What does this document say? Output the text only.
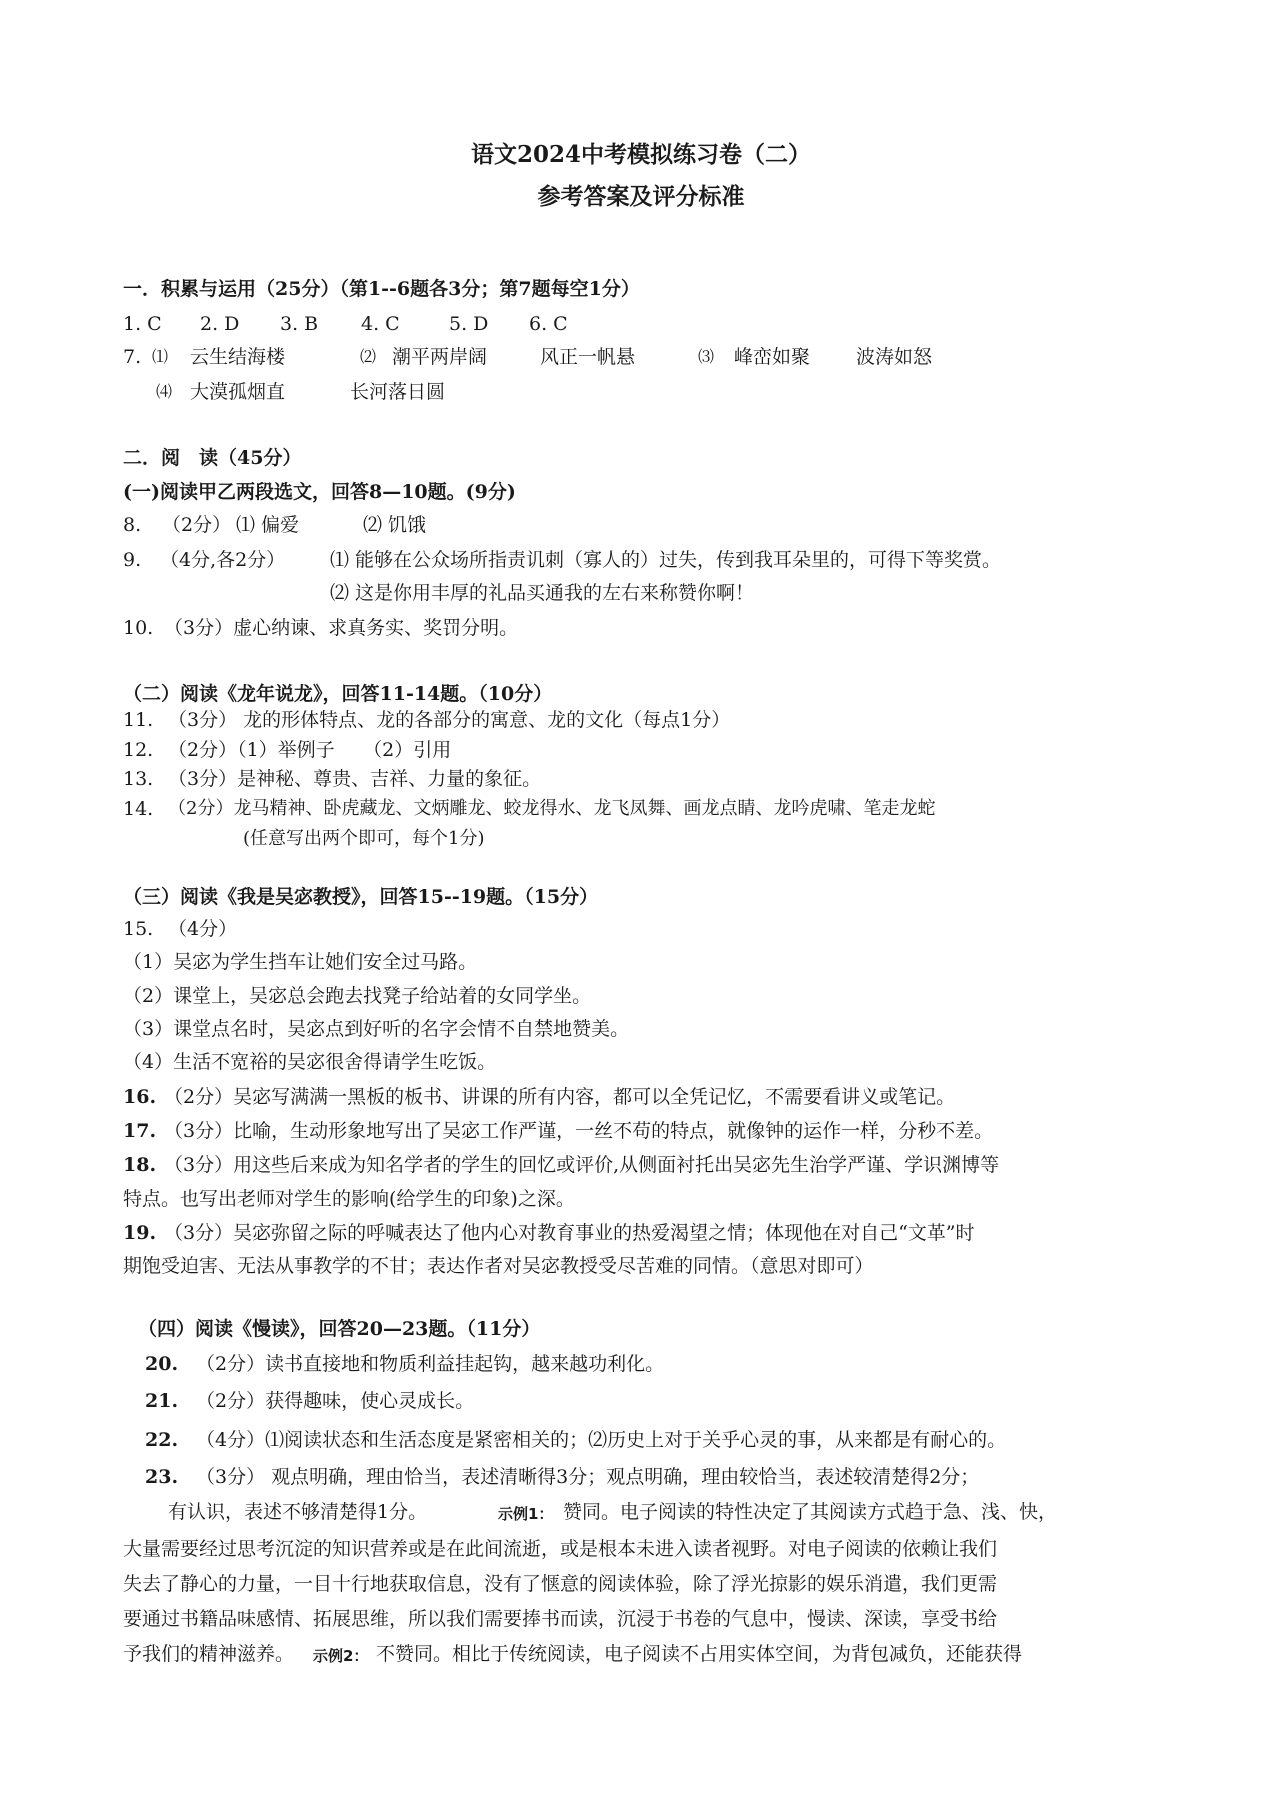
语文2024中考模拟练习卷（二）
参考答案及评分标准
一．积累与运用（25分）（第1--6题各3分；第7题每空1分）
1. C 2. D 3. B 4. C	5. D 6. C
7. ⑴ 云生结海楼	⑵ 潮平两岸阔	风正一帆悬	⑶ 峰峦如聚 波涛如怒
⑷ 大漠孤烟直	长河落日圆
二．阅　读（45分）
(一)阅读甲乙两段选文，回答8—10题。(9分)
8. （2分） ⑴ 偏爱	⑵ 饥饿
9. （4分,各2分） ⑴ 能够在公众场所指责讥刺（寡人的）过失，传到我耳朵里的，可得下等奖赏。
⑵ 这是你用丰厚的礼品买通我的左右来称赞你啊！
10. （3分）虚心纳谏、求真务实、奖罚分明。
（二）阅读《龙年说龙》，回答11-14题。（10分）
11. （3分） 龙的形体特点、龙的各部分的寓意、龙的文化（每点1分）
12. （2分）（1）举例子　　（2）引用
13. （3分）是神秘、尊贵、吉祥、力量的象征。
14. （2分）龙马精神、卧虎藏龙、文炳雕龙、蛟龙得水、龙飞凤舞、画龙点睛、龙吟虎啸、笔走龙蛇
(任意写出两个即可，每个1分)
（三）阅读《我是吴宓教授》，回答15--19题。（15分）
15. （4分）
（1）吴宓为学生挡车让她们安全过马路。
（2）课堂上，吴宓总会跑去找凳子给站着的女同学坐。
（3）课堂点名时，吴宓点到好听的名字会情不自禁地赞美。
（4）生活不宽裕的吴宓很舍得请学生吃饭。
16. （2分）吴宓写满满一黑板的板书、讲课的所有内容，都可以全凭记忆，不需要看讲义或笔记。
17. （3分）比喻，生动形象地写出了吴宓工作严谨，一丝不苟的特点，就像钟的运作一样，分秒不差。
18. （3分）用这些后来成为知名学者的学生的回忆或评价,从侧面衬托出吴宓先生治学严谨、学识渊博等
特点。也写出老师对学生的影响(给学生的印象)之深。
19. （3分）吴宓弥留之际的呼喊表达了他内心对教育事业的热爱渴望之情；体现他在对自己“文革”时
期饱受迫害、无法从事教学的不甘；表达作者对吴宓教授受尽苦难的同情。（意思对即可）
（四）阅读《慢读》，回答20—23题。（11分）
20. （2分）读书直接地和物质利益挂起钩，越来越功利化。
21. （2分）获得趣味，使心灵成长。
22. （4分）⑴阅读状态和生活态度是紧密相关的；⑵历史上对于关乎心灵的事，从来都是有耐心的。
23. （3分） 观点明确，理由恰当，表述清晰得3分；观点明确，理由较恰当，表述较清楚得2分；
有认识，表述不够清楚得1分。	示例1： 赞同。电子阅读的特性决定了其阅读方式趋于急、浅、快，
大量需要经过思考沉淀的知识营养或是在此间流逝，或是根本未进入读者视野。对电子阅读的依赖让我们
失去了静心的力量，一目十行地获取信息，没有了惬意的阅读体验，除了浮光掠影的娱乐消遣，我们更需
要通过书籍品味感情、拓展思维，所以我们需要捧书而读，沉浸于书卷的气息中，慢读、深读，享受书给
予我们的精神滋养。 示例2： 不赞同。相比于传统阅读，电子阅读不占用实体空间，为背包减负，还能获得
